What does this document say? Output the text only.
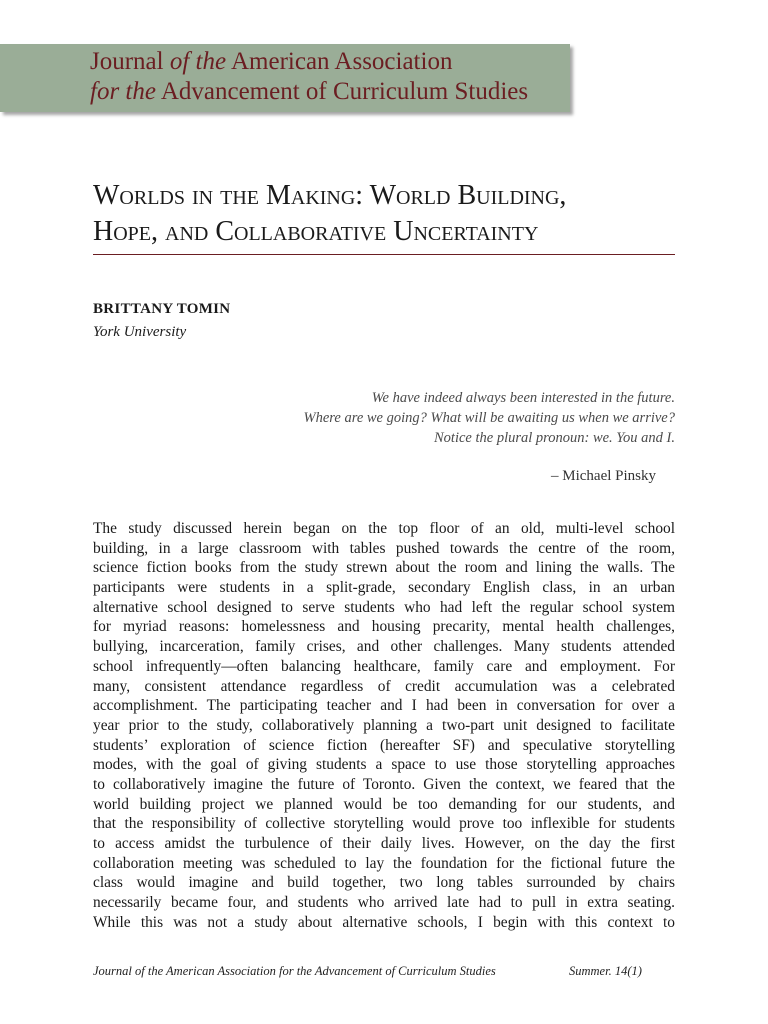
Journal of the American Association
for the Advancement of Curriculum Studies
Worlds in the Making: World Building,
Hope, and Collaborative Uncertainty
BRITTANY TOMIN
York University
We have indeed always been interested in the future.
Where are we going? What will be awaiting us when we arrive?
Notice the plural pronoun: we. You and I.
– Michael Pinsky
The study discussed herein began on the top floor of an old, multi-level school
building, in a large classroom with tables pushed towards the centre of the room,
science fiction books from the study strewn about the room and lining the walls. The
participants were students in a split-grade, secondary English class, in an urban
alternative school designed to serve students who had left the regular school system
for myriad reasons: homelessness and housing precarity, mental health challenges,
bullying, incarceration, family crises, and other challenges. Many students attended
school infrequently—often balancing healthcare, family care and employment. For
many, consistent attendance regardless of credit accumulation was a celebrated
accomplishment. The participating teacher and I had been in conversation for over a
year prior to the study, collaboratively planning a two-part unit designed to facilitate
students’ exploration of science fiction (hereafter SF) and speculative storytelling
modes, with the goal of giving students a space to use those storytelling approaches
to collaboratively imagine the future of Toronto. Given the context, we feared that the
world building project we planned would be too demanding for our students, and
that the responsibility of collective storytelling would prove too inflexible for students
to access amidst the turbulence of their daily lives. However, on the day the first
collaboration meeting was scheduled to lay the foundation for the fictional future the
class would imagine and build together, two long tables surrounded by chairs
necessarily became four, and students who arrived late had to pull in extra seating.
While this was not a study about alternative schools, I begin with this context to
Journal of the American Association for the Advancement of Curriculum Studies	Summer. 14(1)
